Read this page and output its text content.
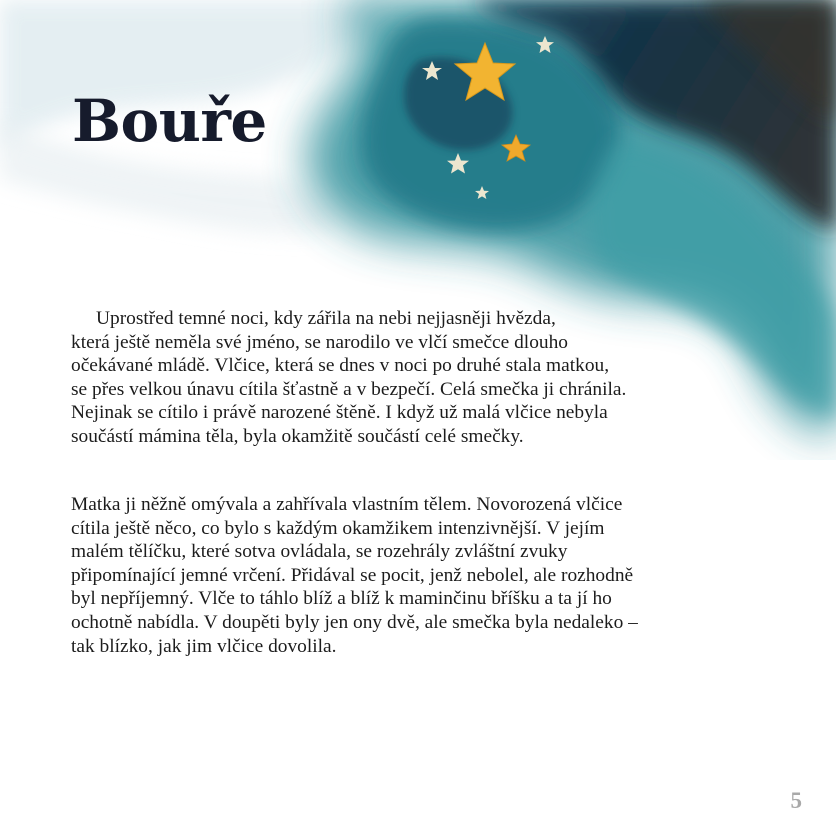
Bouře

Uprostřed temné noci, kdy zářila na nebi nejjasněji hvězda,
která ještě neměla své jméno, se narodilo ve vlčí smečce dlouho
očekávané mládě. Vlčice, která se dnes v noci po druhé stala matkou,
se přes velkou únavu cítila šťastně a v bezpečí. Celá smečka ji chránila.
Nejinak se cítilo i právě narozené štěně. I když už malá vlčice nebyla
součástí mámina těla, byla okamžitě součástí celé smečky.

Matka ji něžně omývala a zahřívala vlastním tělem. Novorozená vlčice
cítila ještě něco, co bylo s každým okamžikem intenzivnější. V jejím
malém tělíčku, které sotva ovládala, se rozehrály zvláštní zvuky
připomínající jemné vrčení. Přidával se pocit, jenž nebolel, ale rozhodně
byl nepříjemný. Vlče to táhlo blíž a blíž k maminčinu bříšku a ta jí ho
ochotně nabídla. V doupěti byly jen ony dvě, ale smečka byla nedaleko –
tak blízko, jak jim vlčice dovolila.

5
